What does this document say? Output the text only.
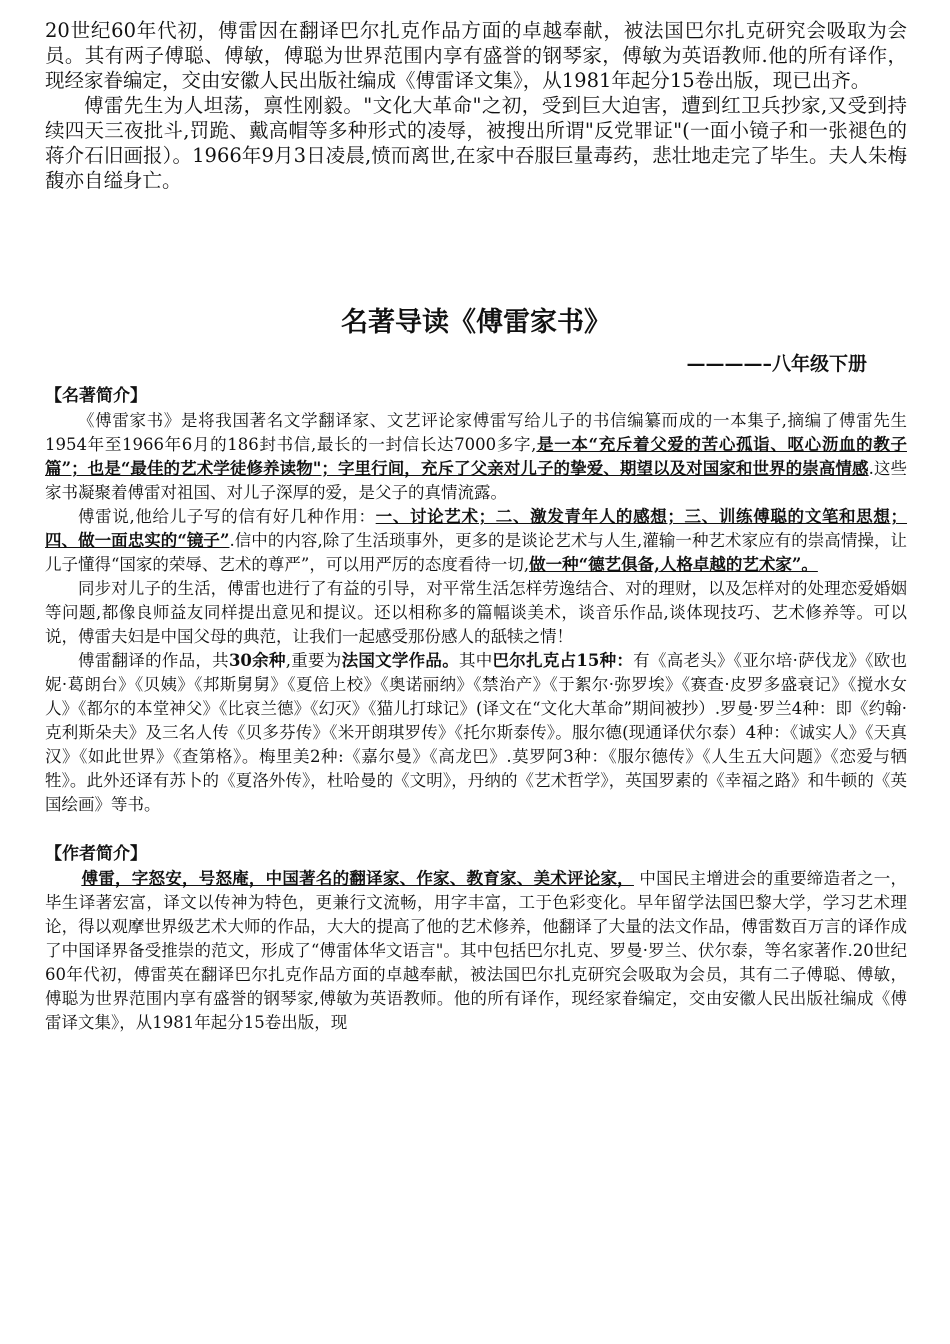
20世纪60年代初，傅雷因在翻译巴尔扎克作品方面的卓越奉献，被法国巴尔扎克研究会吸取为会员。其有两子傅聪、傅敏，傅聪为世界范围内享有盛誉的钢琴家，傅敏为英语教师.他的所有译作，现经家眷编定，交由安徽人民出版社编成《傅雷译文集》，从1981年起分15卷出版，现已出齐。

傅雷先生为人坦荡，禀性刚毅。"文化大革命"之初，受到巨大迫害，遭到红卫兵抄家,又受到持续四天三夜批斗,罚跪、戴高帽等多种形式的凌辱，被搜出所谓"反党罪证"(一面小镜子和一张褪色的蒋介石旧画报）。1966年9月3日凌晨,愤而离世,在家中吞服巨量毒药，悲壮地走完了毕生。夫人朱梅馥亦自缢身亡。

名著导读《傅雷家书》
————–八年级下册
【名著简介】

《傅雷家书》是将我国著名文学翻译家、文艺评论家傅雷写给儿子的书信编纂而成的一本集子,摘编了傅雷先生1954年至1966年6月的186封书信,最长的一封信长达7000多字,是一本“充斥着父爱的苦心孤诣、呕心沥血的教子篇”；也是“最佳的艺术学徒修养读物"；字里行间，充斥了父亲对儿子的挚爱、期望以及对国家和世界的崇高情感.这些家书凝聚着傅雷对祖国、对儿子深厚的爱，是父子的真情流露。

傅雷说,他给儿子写的信有好几种作用：一、讨论艺术；二、激发青年人的感想；三、训练傅聪的文笔和思想；四、做一面忠实的“镜子”.信中的内容,除了生活琐事外，更多的是谈论艺术与人生,灌输一种艺术家应有的崇高情操，让儿子懂得“国家的荣辱、艺术的尊严”，可以用严厉的态度看待一切,做一种“德艺俱备,人格卓越的艺术家”。

同步对儿子的生活，傅雷也进行了有益的引导，对平常生活怎样劳逸结合、对的理财，以及怎样对的处理恋爱婚姻等问题,都像良师益友同样提出意见和提议。还以相称多的篇幅谈美术，谈音乐作品,谈体现技巧、艺术修养等。可以说，傅雷夫妇是中国父母的典范，让我们一起感受那份感人的舐犊之情！

傅雷翻译的作品，共30余种,重要为法国文学作品。其中巴尔扎克占15种：有《高老头》《亚尔培·萨伐龙》《欧也妮·葛朗台》《贝姨》《邦斯舅舅》《夏倍上校》《奥诺丽纳》《禁治产》《于絮尔·弥罗埃》《赛查·皮罗多盛衰记》《搅水女人》《都尔的本堂神父》《比哀兰德》《幻灭》《猫儿打球记》(译文在“文化大革命”期间被抄）.罗曼·罗兰4种：即《约翰·克利斯朵夫》及三名人传《贝多芬传》《米开朗琪罗传》《托尔斯泰传》。服尔德(现通译伏尔泰）4种：《诚实人》《天真汉》《如此世界》《查第格》。梅里美2种:《嘉尔曼》《高龙巴》.莫罗阿3种：《服尔德传》《人生五大问题》《恋爱与牺牲》。此外还译有苏卜的《夏洛外传》，杜哈曼的《文明》，丹纳的《艺术哲学》，英国罗素的《幸福之路》和牛顿的《英国绘画》等书。

【作者简介】

傅雷，字怒安，号怒庵，中国著名的翻译家、作家、教育家、美术评论家， 中国民主增进会的重要缔造者之一，毕生译著宏富，译文以传神为特色，更兼行文流畅，用字丰富，工于色彩变化。早年留学法国巴黎大学，学习艺术理论，得以观摩世界级艺术大师的作品，大大的提高了他的艺术修养，他翻译了大量的法文作品，傅雷数百万言的译作成了中国译界备受推崇的范文，形成了“傅雷体华文语言"。其中包括巴尔扎克、罗曼·罗兰、伏尔泰，等名家著作.20世纪60年代初，傅雷英在翻译巴尔扎克作品方面的卓越奉献，被法国巴尔扎克研究会吸取为会员，其有二子傅聪、傅敏，傅聪为世界范围内享有盛誉的钢琴家,傅敏为英语教师。他的所有译作，现经家眷编定，交由安徽人民出版社编成《傅雷译文集》，从1981年起分15卷出版，现
